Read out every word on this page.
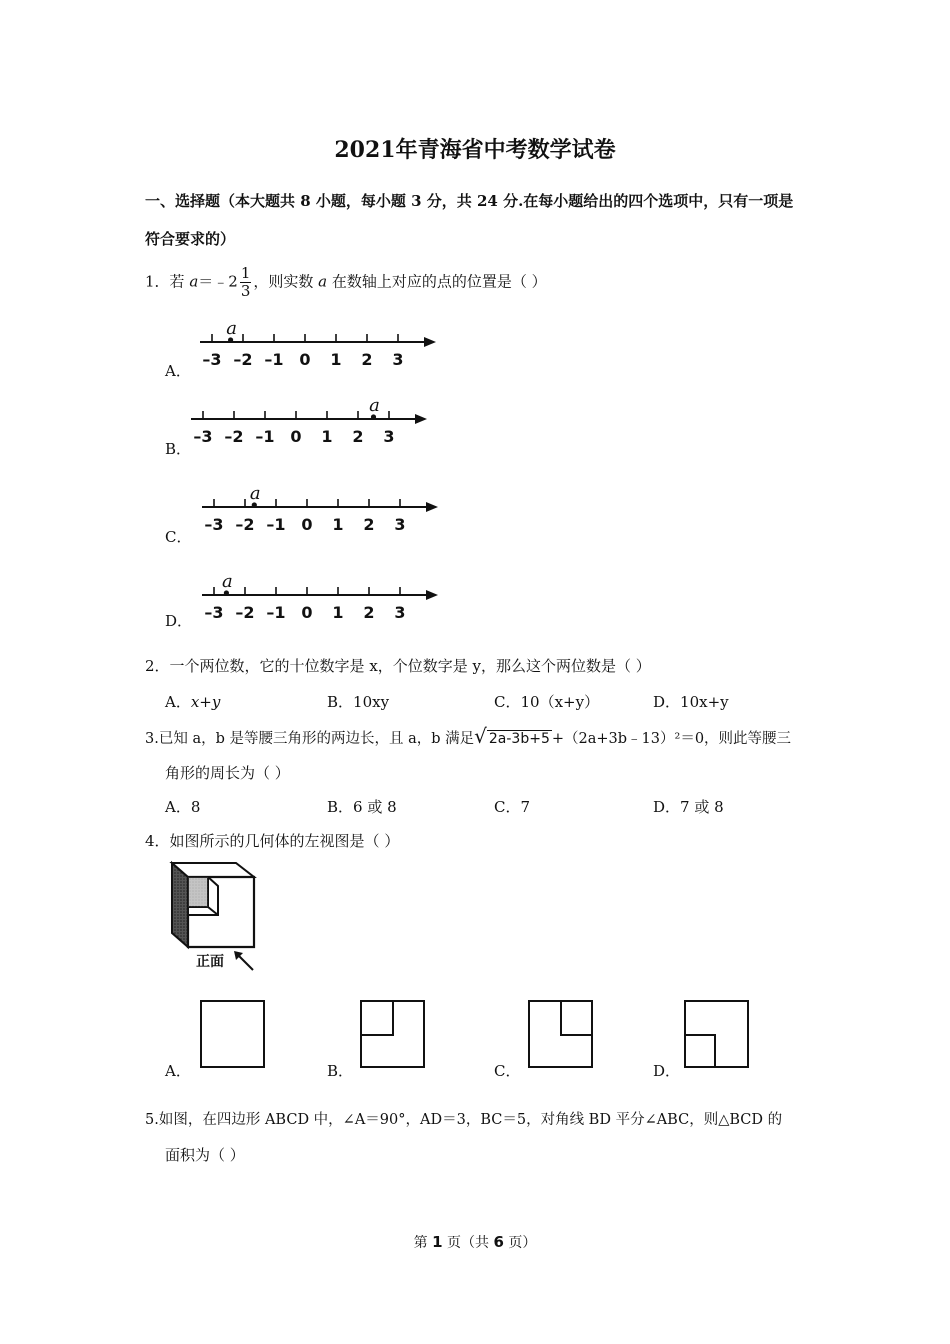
2021年青海省中考数学试卷
一、选择题（本大题共 8 小题，每小题 3 分，共 24 分.在每小题给出的四个选项中，只有一项是
符合要求的）
1．若 a＝﹣2 $\frac{1}{3}$ ，则实数 a 在数轴上对应的点的位置是（ ）
A．
B．
C．
D．
–3 –2 –1 0 1 2 3
a
–3 –2 –1 0 1 2 3
a
–3 –2 –1 0 1 2 3
a
–3 –2 –1 0 1 2 3
a
2．一个两位数，它的十位数字是 x，个位数字是 y，那么这个两位数是（ ）
A．x+y	B．10xy	C．10（x+y）	D．10x+y
3.已知 a，b 是等腰三角形的两边长，且 a，b 满足√ 2a-3b+5 +（2a+3b﹣13）²＝0，则此等腰三
角形的周长为（ ）
A．8	B．6 或 8	C．7	D．7 或 8
4．如图所示的几何体的左视图是（ ）
正面
A．	B．	C．	D．
5.如图，在四边形 ABCD 中，∠A＝90°，AD＝3，BC＝5，对角线 BD 平分∠ABC，则△BCD 的
面积为（ ）
第 1 页（共 6 页）
